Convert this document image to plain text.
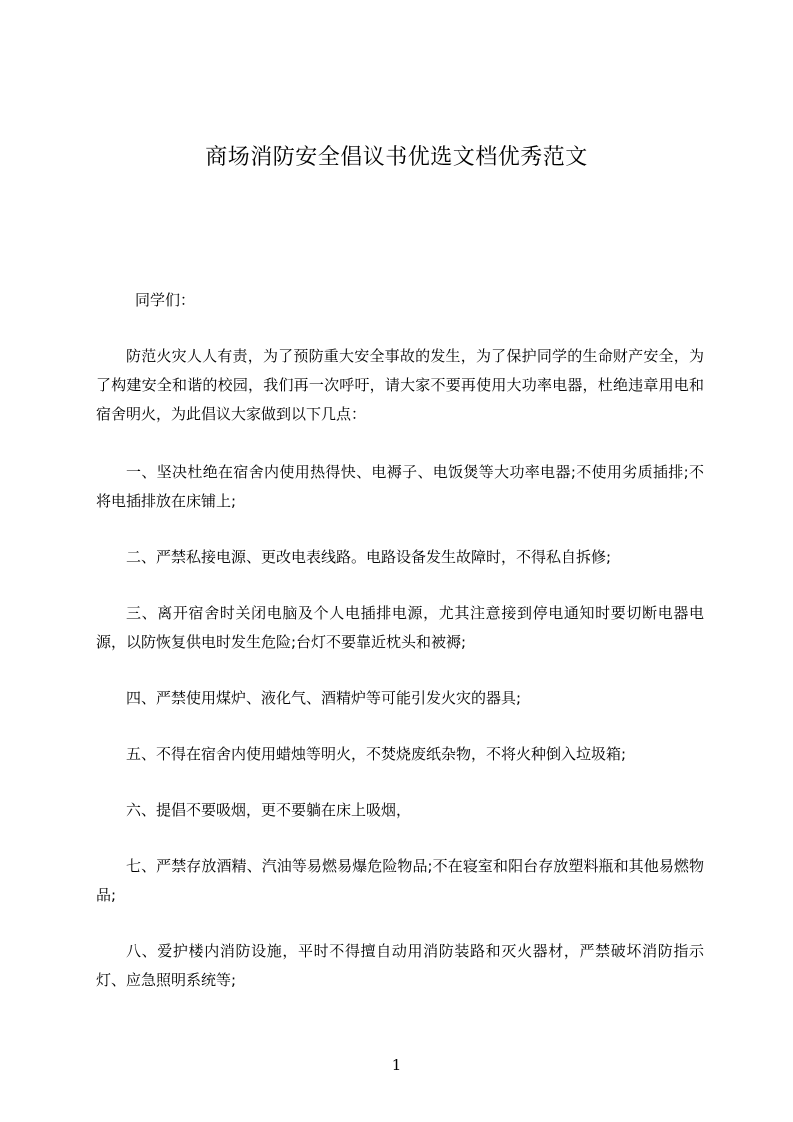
商场消防安全倡议书优选文档优秀范文

同学们：

防范火灾人人有责，为了预防重大安全事故的发生，为了保护同学的生命财产安全，为了构建安全和谐的校园，我们再一次呼吁，请大家不要再使用大功率电器，杜绝违章用电和宿舍明火，为此倡议大家做到以下几点：

一、坚决杜绝在宿舍内使用热得快、电褥子、电饭煲等大功率电器;不使用劣质插排;不将电插排放在床铺上;

二、严禁私接电源、更改电表线路。电路设备发生故障时，不得私自拆修;

三、离开宿舍时关闭电脑及个人电插排电源，尤其注意接到停电通知时要切断电器电源，以防恢复供电时发生危险;台灯不要靠近枕头和被褥;

四、严禁使用煤炉、液化气、酒精炉等可能引发火灾的器具;

五、不得在宿舍内使用蜡烛等明火，不焚烧废纸杂物，不将火种倒入垃圾箱;

六、提倡不要吸烟，更不要躺在床上吸烟，

七、严禁存放酒精、汽油等易燃易爆危险物品;不在寝室和阳台存放塑料瓶和其他易燃物品;

八、爱护楼内消防设施，平时不得擅自动用消防装路和灭火器材，严禁破坏消防指示灯、应急照明系统等;

1
